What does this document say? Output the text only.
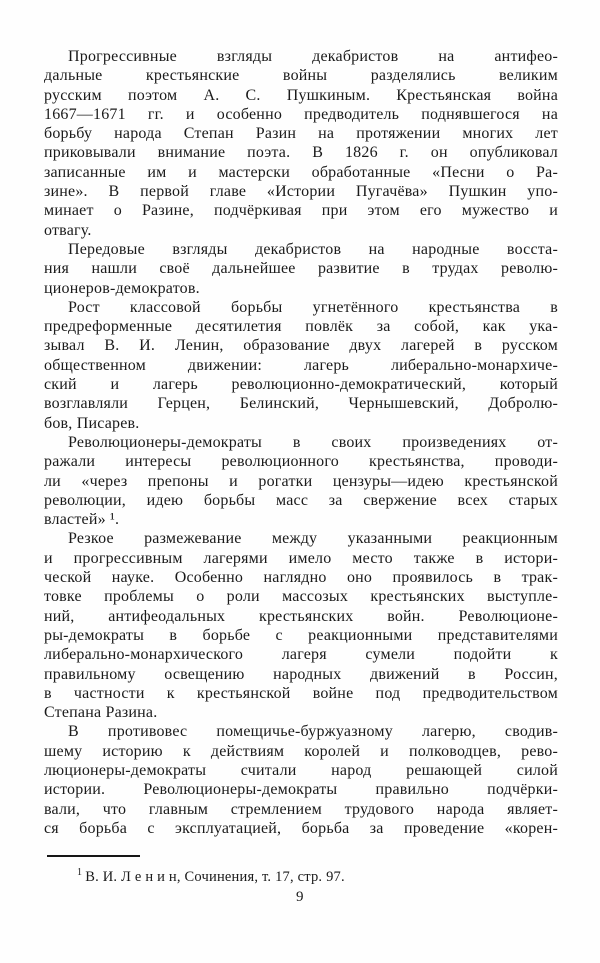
Прогрессивные взгляды декабристов на антифео-
дальные крестьянские войны разделялись великим
русским поэтом А. С. Пушкиным. Крестьянская война
1667—1671 гг. и особенно предводитель поднявшегося на
борьбу народа Степан Разин на протяжении многих лет
приковывали внимание поэта. В 1826 г. он опубликовал
записанные им и мастерски обработанные «Песни о Ра-
зине». В первой главе «Истории Пугачёва» Пушкин упо-
минает о Разине, подчёркивая при этом его мужество и
отвагу.
Передовые взгляды декабристов на народные восста-
ния нашли своё дальнейшее развитие в трудах револю-
ционеров-демократов.
Рост классовой борьбы угнетённого крестьянства в
предреформенные десятилетия повлёк за собой, как ука-
зывал В. И. Ленин, образование двух лагерей в русском
общественном движении: лагерь либерально-монархиче-
ский и лагерь революционно-демократический, который
возглавляли Герцен, Белинский, Чернышевский, Добролю-
бов, Писарев.
Революционеры-демократы в своих произведениях от-
ражали интересы революционного крестьянства, проводи-
ли «через препоны и рогатки цензуры—идею крестьянской
революции, идею борьбы масс за свержение всех старых
властей» ¹.
Резкое размежевание между указанными реакционным
и прогрессивным лагерями имело место также в истори-
ческой науке. Особенно наглядно оно проявилось в трак-
товке проблемы о роли массозых крестьянских выступле-
ний, антифеодальных крестьянских войн. Революционе-
ры-демократы в борьбе с реакционными представителями
либерально-монархического лагеря сумели подойти к
правильному освещению народных движений в Россин,
в частности к крестьянской войне под предводительством
Степана Разина.
В противовес помещичье-буржуазному лагерю, сводив-
шему историю к действиям королей и полководцев, рево-
люционеры-демократы считали народ решающей силой
истории. Революционеры-демократы правильно подчёрки-
вали, что главным стремлением трудового народа являет-
ся борьба с эксплуатацией, борьба за проведение «корен-
$^1$ В. И. Л е н и н, Сочинения, т. 17, стр. 97.
9
